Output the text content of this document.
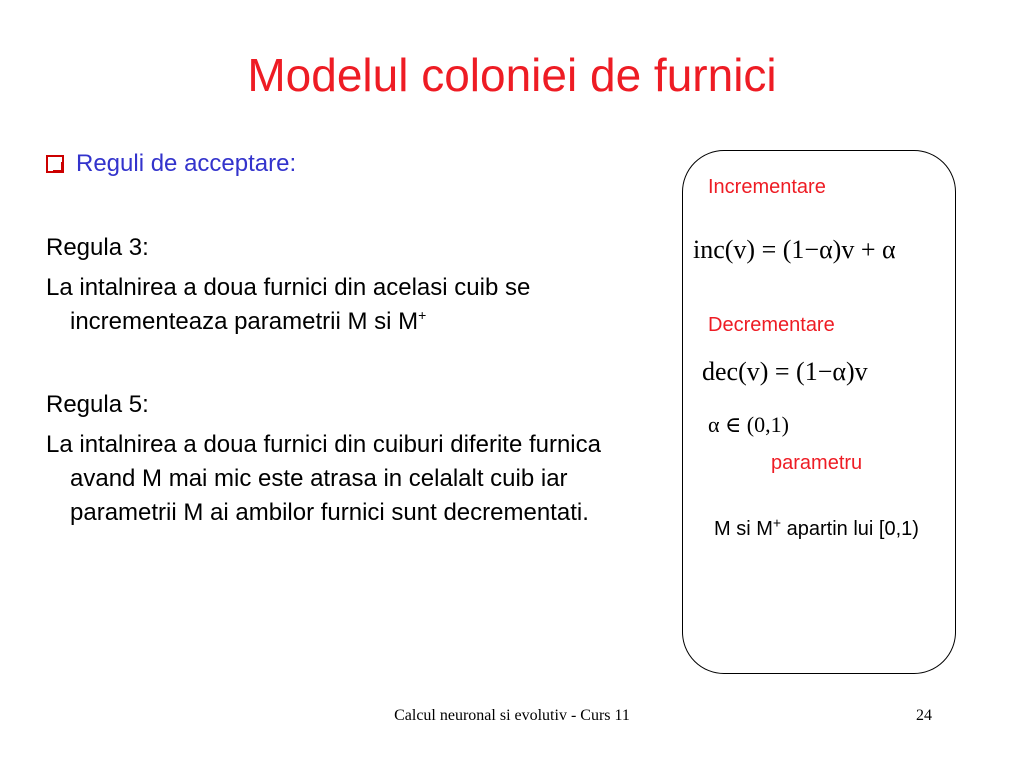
Modelul coloniei de furnici
Reguli de acceptare:
Regula 3:
La intalnirea a doua furnici din acelasi cuib se incrementeaza parametrii M si M+
Regula 5:
La intalnirea a doua furnici din cuiburi diferite furnica avand M mai mic este atrasa in celalalt cuib iar parametrii M ai ambilor furnici sunt decrementati.
Incrementare
inc(v) = (1−α)v + α
Decrementare
dec(v) = (1−α)v
α ∈ (0,1)
parametru
M si M+ apartin lui [0,1)
Calcul neuronal si evolutiv - Curs 11	24
